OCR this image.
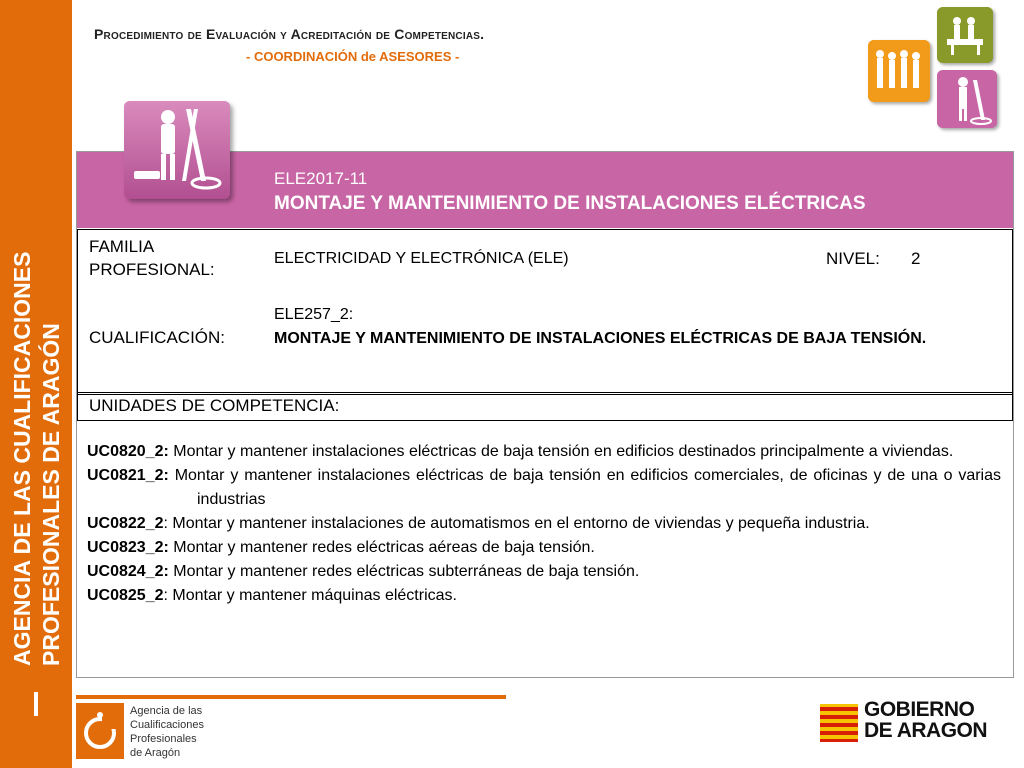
AGENCIA DE LAS CUALIFICACIONES PROFESIONALES DE ARAGÓN
Procedimiento de Evaluación y Acreditación de Competencias.
- COORDINACIÓN de ASESORES -
ELE2017-11
MONTAJE Y MANTENIMIENTO DE INSTALACIONES ELÉCTRICAS
FAMILIA
PROFESIONAL:
ELECTRICIDAD Y ELECTRÓNICA (ELE)	NIVEL: 2
ELE257_2:
CUALIFICACIÓN:	MONTAJE Y MANTENIMIENTO DE INSTALACIONES ELÉCTRICAS DE BAJA TENSIÓN.
UNIDADES DE COMPETENCIA:

UC0820_2: Montar y mantener instalaciones eléctricas de baja tensión en edificios destinados principalmente a viviendas.

UC0821_2: Montar y mantener instalaciones eléctricas de baja tensión en edificios comerciales, de oficinas y de una o varias industrias

UC0822_2: Montar y mantener instalaciones de automatismos en el entorno de viviendas y pequeña industria.

UC0823_2: Montar y mantener redes eléctricas aéreas de baja tensión.

UC0824_2: Montar y mantener redes eléctricas subterráneas de baja tensión.

UC0825_2: Montar y mantener máquinas eléctricas.

Agencia de las
Cualificaciones
Profesionales
de Aragón
GOBIERNO
DE ARAGON
